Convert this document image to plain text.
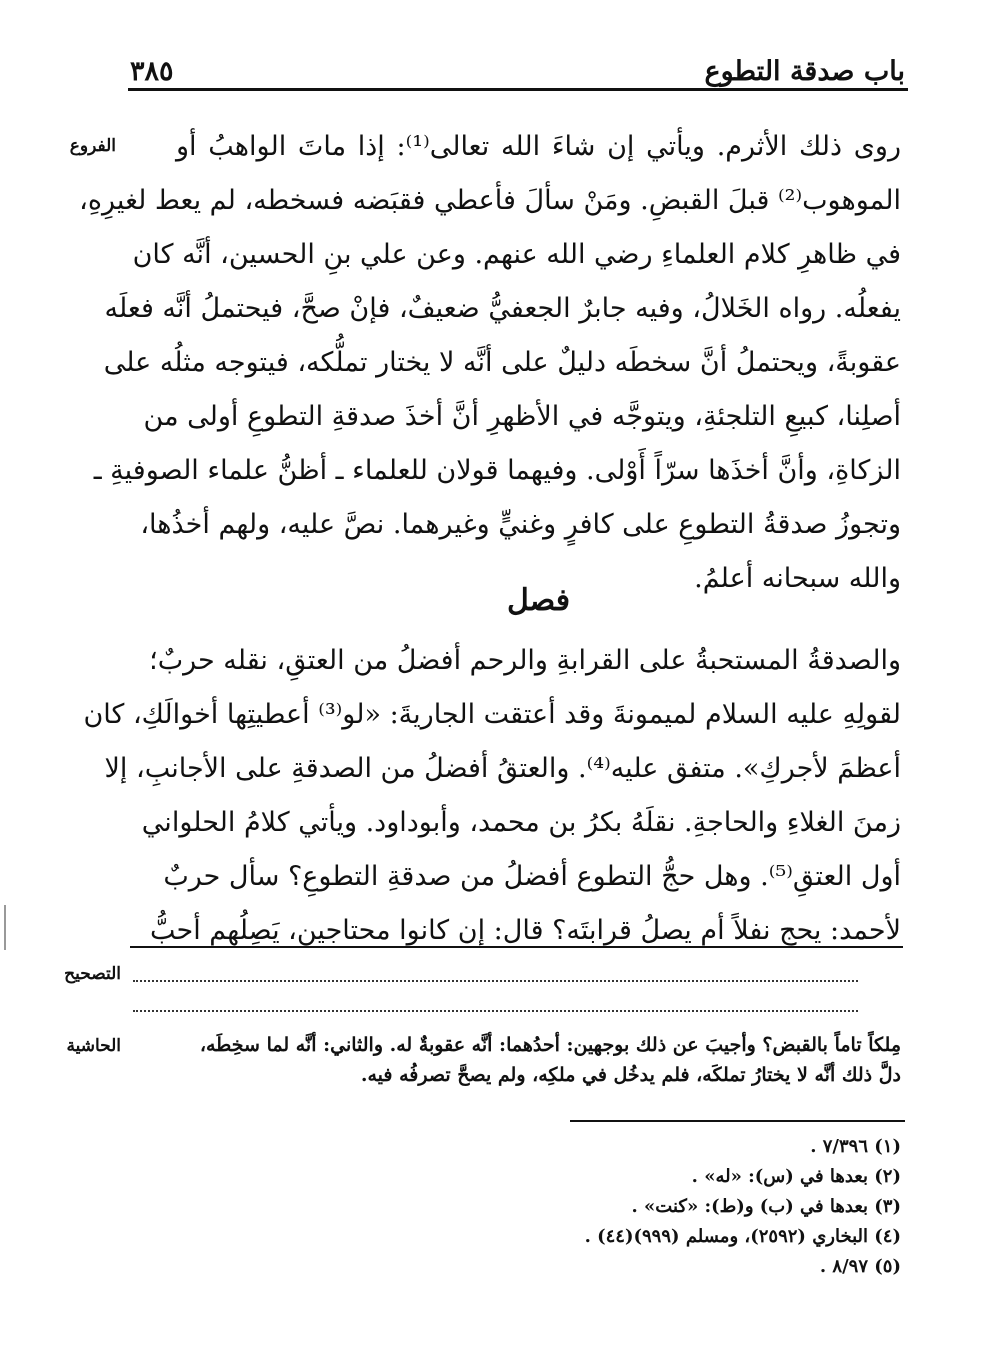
باب صدقة التطوع
٣٨٥
الفروع روى ذلك الأثرم. ويأتي إن شاءَ الله تعالى⁽¹⁾: إذا ماتَ الواهبُ أو
الموهوب⁽²⁾ قبلَ القبضِ. ومَنْ سألَ فأعطي فقبَضه فسخطه، لم يعط لغيرِهِ،
في ظاهرِ كلام العلماءِ رضي الله عنهم. وعن علي بنِ الحسين، أنَّه كان
يفعلُه. رواه الخَلالُ، وفيه جابرٌ الجعفيُّ ضعيفٌ، فإنْ صحَّ، فيحتملُ أنَّه فعلَه
عقوبةً، ويحتملُ أنَّ سخطَه دليلٌ على أنَّه لا يختار تملُّكه، فيتوجه مثلُه على
أصلِنا، كبيعِ التلجئةِ، ويتوجَّه في الأظهرِ أنَّ أخذَ صدقةِ التطوعِ أولى من
الزكاةِ، وأنَّ أخذَها سرّاً أَوْلى. وفيهما قولان للعلماء ـ أظنُّ علماء الصوفيةِ ـ
وتجوزُ صدقةُ التطوعِ على كافرٍ وغنيٍّ وغيرهما. نصَّ عليه، ولهم أخذُها،
والله سبحانه أعلمُ.
فصل
والصدقةُ المستحبةُ على القرابةِ والرحم أفضلُ من العتقِ، نقله حربٌ؛
لقولِهِ عليه السلام لميمونةَ وقد أعتقت الجاريةَ: «لو⁽³⁾ أعطيتِها أخوالَكِ، كان
أعظمَ لأجركِ». متفق عليه⁽⁴⁾. والعتقُ أفضلُ من الصدقةِ على الأجانبِ، إلا
زمنَ الغلاءِ والحاجةِ. نقلَهُ بكرُ بن محمد، وأبوداود. ويأتي كلامُ الحلواني
أول العتقِ⁽⁵⁾. وهل حجُّ التطوع أفضلُ من صدقةِ التطوعِ؟ سأل حربٌ
لأحمد: يحج نفلاً أم يصلُ قرابتَه؟ قال: إن كانوا محتاجين، يَصِلُهم أحبُّ
التصحيح
الحاشية	مِلكاً تاماً بالقبض؟ وأجيبَ عن ذلك بوجهين: أحدُهما: أنَّه عقوبةٌ له. والثاني: أنَّه لما سخِطَه،
دلَّ ذلك أنَّه لا يختارُ تملكَه، فلم يدخُل في ملكِه، ولم يصحَّ تصرفُه فيه.
(١) ٧/٣٩٦ .
(٢) بعدها في (س): «له» .
(٣) بعدها في (ب) و(ط): «كنت» .
(٤) البخاري (٢٥٩٢)، ومسلم (٩٩٩)(٤٤) .
(٥) ٨/٩٧ .
